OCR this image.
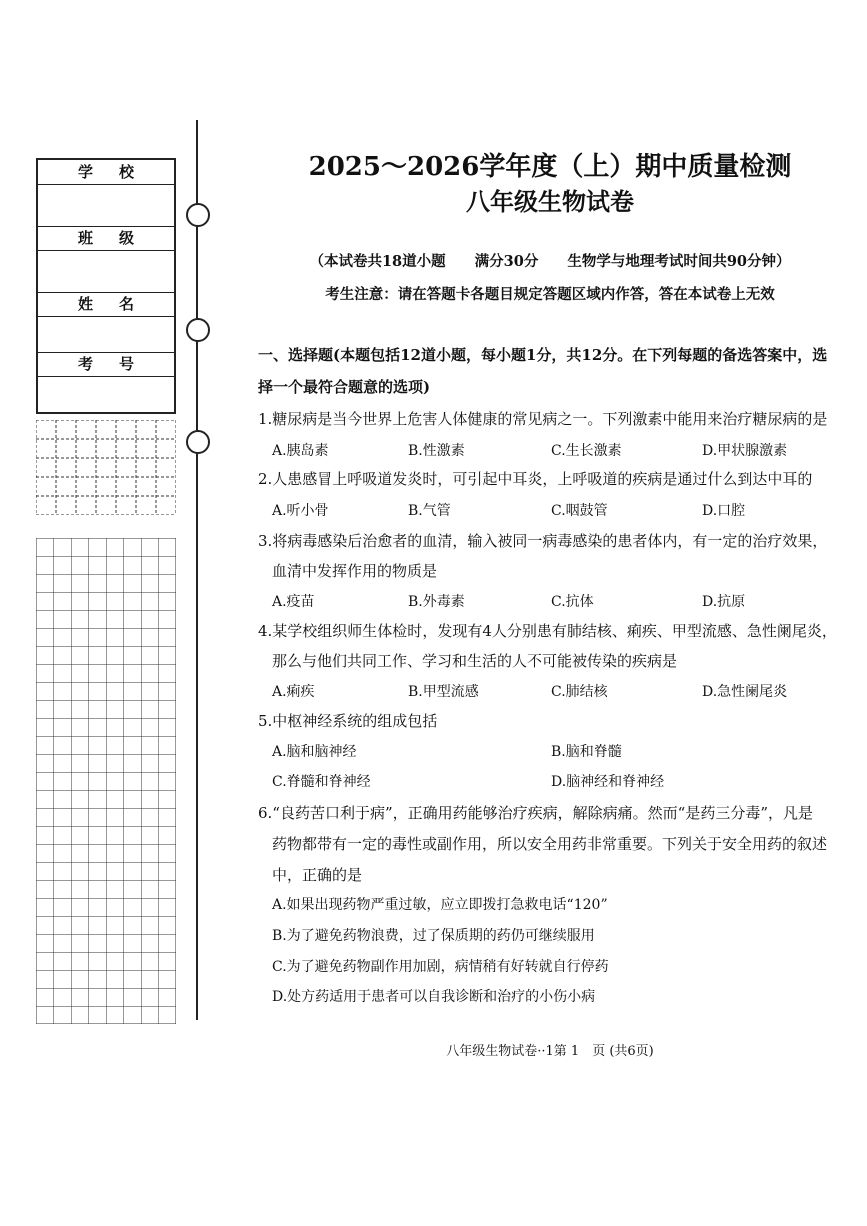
学校
班级
姓名
考号
2025～2026学年度（上）期中质量检测
八年级生物试卷
（本试卷共18道小题　　满分30分　　生物学与地理考试时间共90分钟）
考生注意：请在答题卡各题目规定答题区域内作答，答在本试卷上无效
一、选择题(本题包括12道小题，每小题1分，共12分。在下列每题的备选答案中，选
择一个最符合题意的选项)
1.糖尿病是当今世界上危害人体健康的常见病之一。下列激素中能用来治疗糖尿病的是
A.胰岛素	B.性激素	C.生长激素	D.甲状腺激素
2.人患感冒上呼吸道发炎时，可引起中耳炎，上呼吸道的疾病是通过什么到达中耳的
A.听小骨	B.气管	C.咽鼓管	D.口腔
3.将病毒感染后治愈者的血清，输入被同一病毒感染的患者体内，有一定的治疗效果，
血清中发挥作用的物质是
A.疫苗	B.外毒素	C.抗体	D.抗原
4.某学校组织师生体检时，发现有4人分别患有肺结核、痢疾、甲型流感、急性阑尾炎，
那么与他们共同工作、学习和生活的人不可能被传染的疾病是
A.痢疾	B.甲型流感	C.肺结核	D.急性阑尾炎
5.中枢神经系统的组成包括
A.脑和脑神经	B.脑和脊髓
C.脊髓和脊神经	D.脑神经和脊神经
6.“良药苦口利于病”，正确用药能够治疗疾病，解除病痛。然而“是药三分毒”，凡是
药物都带有一定的毒性或副作用，所以安全用药非常重要。下列关于安全用药的叙述
中，正确的是
A.如果出现药物严重过敏，应立即拨打急救电话“120”
B.为了避免药物浪费，过了保质期的药仍可继续服用
C.为了避免药物副作用加剧，病情稍有好转就自行停药
D.处方药适用于患者可以自我诊断和治疗的小伤小病
八年级生物试卷··1第 1　页 (共6页)
